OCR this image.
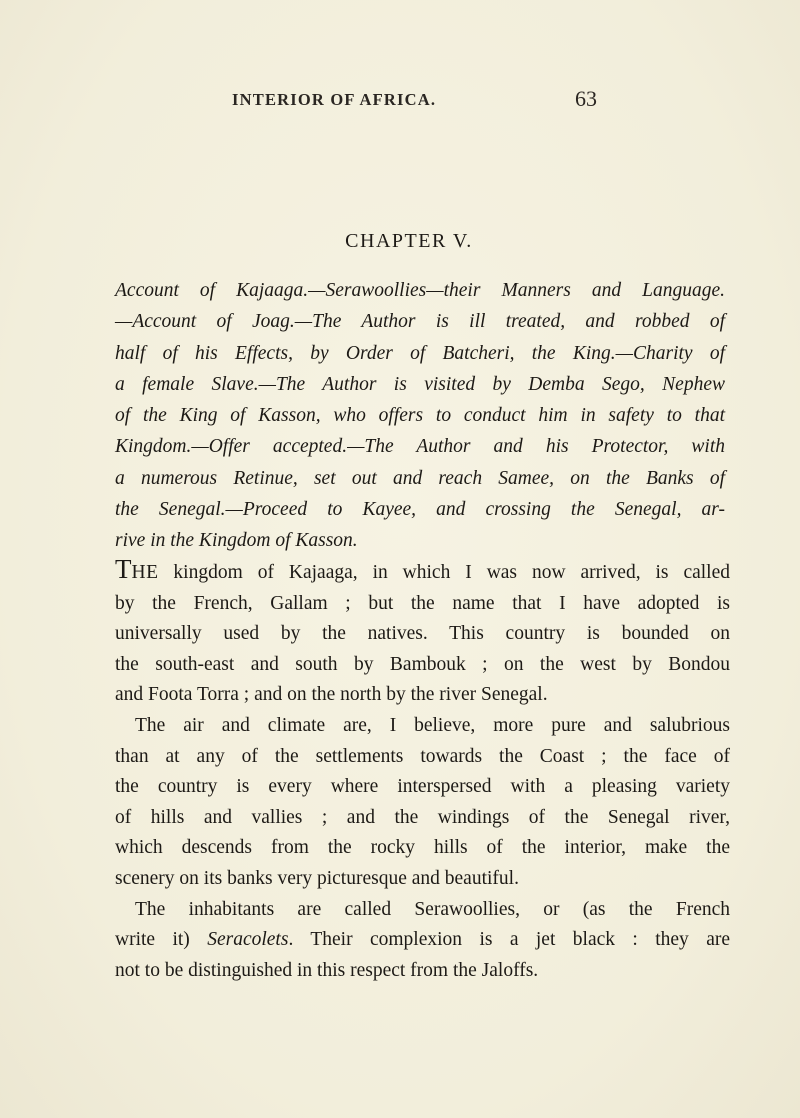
INTERIOR OF AFRICA.	63
CHAPTER V.
Account of Kajaaga.—Serawoollies—their Manners and Language.
—Account of Joag.—The Author is ill treated, and robbed of
half of his Effects, by Order of Batcheri, the King.—Charity of
a female Slave.—The Author is visited by Demba Sego, Nephew
of the King of Kasson, who offers to conduct him in safety to that
Kingdom.—Offer accepted.—The Author and his Protector, with
a numerous Retinue, set out and reach Samee, on the Banks of
the Senegal.—Proceed to Kayee, and crossing the Senegal, ar-
rive in the Kingdom of Kasson.
THE kingdom of Kajaaga, in which I was now arrived, is called
by the French, Gallam ; but the name that I have adopted is
universally used by the natives. This country is bounded on
the south-east and south by Bambouk ; on the west by Bondou
and Foota Torra ; and on the north by the river Senegal.
The air and climate are, I believe, more pure and salubrious
than at any of the settlements towards the Coast ; the face of
the country is every where interspersed with a pleasing variety
of hills and vallies ; and the windings of the Senegal river,
which descends from the rocky hills of the interior, make the
scenery on its banks very picturesque and beautiful.
The inhabitants are called Serawoollies, or (as the French
write it) Seracolets. Their complexion is a jet black : they are
not to be distinguished in this respect from the Jaloffs.
